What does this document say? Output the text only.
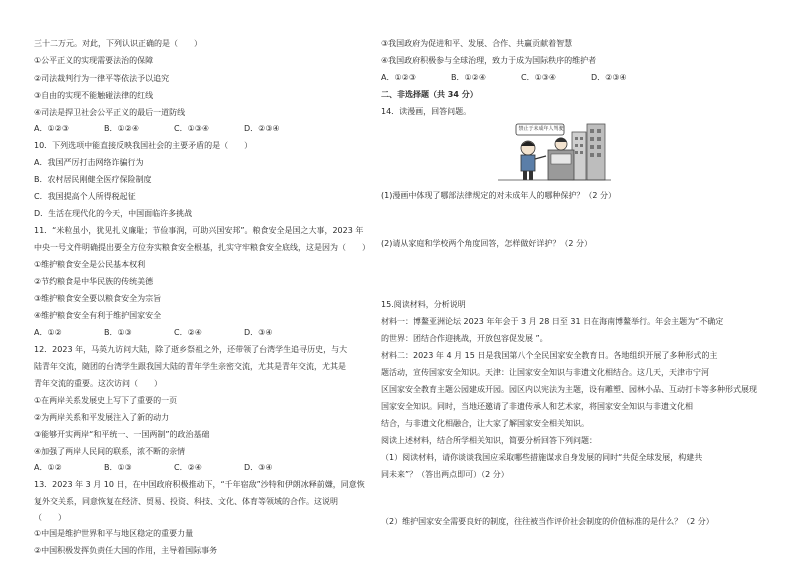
三十二万元。对此，下列认识正确的是（　　）
①公平正义的实现需要法治的保障
②司法裁判行为一律平等依法予以追究
③自由的实现不能触碰法律的红线
④司法是捍卫社会公平正义的最后一道防线
A．①②③	B．①②④	C．①③④	D．②③④
10．下列选项中能直接反映我国社会的主要矛盾的是（　　）
A．我国严厉打击网络诈骗行为
B．农村居民刚健全医疗保险制度
C．我国提高个人所得税起征
D．生活在现代化的今天，中国面临许多挑战
11．“米粒虽小，犹见扎义廉耻；节俭事润，可助兴国安邦”。粮食安全是国之大事，2023 年
中央一号文件明确提出要全方位夯实粮食安全根基，扎实守牢粮食安全底线，这是因为（　　）
①维护粮食安全是公民基本权利
②节约粮食是中华民族的传统美德
③维护粮食安全要以粮食安全为宗旨
④维护粮食安全有利于维护国家安全
A．①②	B．①③	C．②④	D．③④
12．2023 年，马英九访问大陆，除了逝乡祭祖之外，还带领了台湾学生追寻历史，与大
陆青年交流，随团的台湾学生跟我国大陆的青年学生亲密交流，尤其是青年交流，尤其是
青年交流的重要。这次访问（　　）
①在两岸关系发展史上写下了重要的一页
②为两岸关系和平发展注入了新的动力
③能够开实两岸“和平统一、一国两制”的政治基础
④加强了两岸人民间的联系，浓不断的亲情
A．①②	B．①③	C．②④	D．③④
13．2023 年 3 月 10 日，在中国政府积极推动下，“千年宿敌”沙特和伊朗冰释前嫌，同意恢
复外交关系，同意恢复在经济、贸易、投资、科技、文化、体育等领域的合作。这说明
（　　）
①中国是维护世界和平与地区稳定的重要力量
②中国积极发挥负责任大国的作用，主导着国际事务
③我国政府为促进和平、发展、合作、共赢贡献着智慧
④我国政府积极参与全球治理，致力于成为国际秩序的维护者
A．①②③	B．①②④	C．①③④	D．②③④
二、非选择题（共 34 分）
14．读漫画，回答问题。
禁止于未成年人驾驶
(1)漫画中体现了哪部法律规定的对未成年人的哪种保护？（2 分）
(2)请从家庭和学校两个角度回答，怎样做好详护？（2 分）
15.阅读材料，分析说明
材料一：博鳌亚洲论坛 2023 年年会于 3 月 28 日至 31 日在海南博鳌举行。年会主题为“不确定
的世界：团结合作迎挑战，开放包容促发展 ”。
材料二：2023 年 4 月 15 日是我国第八个全民国家安全教育日。各地组织开展了多种形式的主
题活动，宣传国家安全知识。天津：让国家安全知识与非遗文化相结合。这几天，天津市宁河
区国家安全教育主题公园建成开园。园区内以宪法为主题，设有雕塑、园林小品、互动打卡等多种形式展现
国家安全知识。同时，当地还邀请了非遗传承人和艺术家，将国家安全知识与非遗文化相
结合，与非遗文化相融合，让大家了解国家安全相关知识。
阅读上述材料，结合所学相关知识，简要分析回答下列问题：
（1）阅读材料，请你谈谈我国应采取哪些措施谋求自身发展的同时“共促全球发展，构建共
同未来”？（答出两点即可）（2 分）
（2）维护国家安全需要良好的制度，往往被当作评价社会制度的价值标准的是什么？（2 分）
